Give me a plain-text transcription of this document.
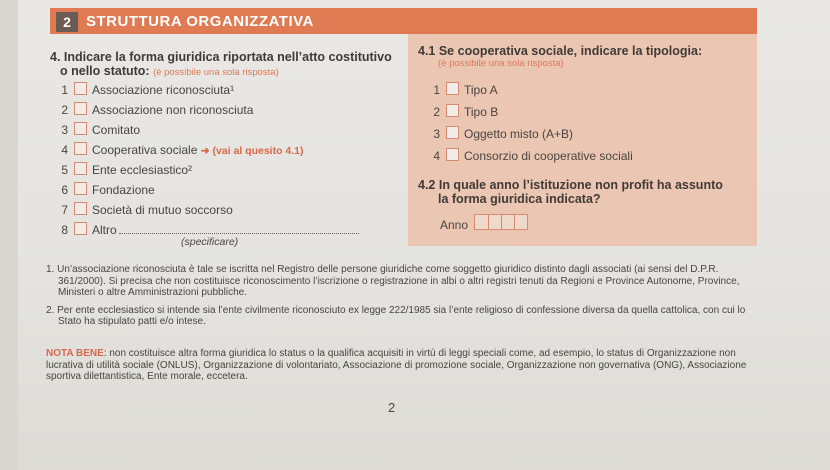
2	STRUTTURA ORGANIZZATIVA
4. Indicare la forma giuridica riportata nell’atto costitutivo
o nello statuto: (è possibile una sola risposta)
1 Associazione riconosciuta¹
2 Associazione non riconosciuta
3 Comitato
4 Cooperativa sociale ➜ (vai al quesito 4.1)
5 Ente ecclesiastico²
6 Fondazione
7 Società di mutuo soccorso
8 Altro
(specificare)
4.1 Se cooperativa sociale, indicare la tipologia:
(è possibile una sola risposta)
1 Tipo A
2 Tipo B
3 Oggetto misto (A+B)
4 Consorzio di cooperative sociali
4.2 In quale anno l’istituzione non profit ha assunto
la forma giuridica indicata?
Anno
1. Un’associazione riconosciuta è tale se iscritta nel Registro delle persone giuridiche come soggetto giuridico distinto dagli associati (ai sensi del D.P.R. 361/2000). Si precisa che non costituisce riconoscimento l’iscrizione o registrazione in albi o altri registri tenuti da Regioni e Province Autonome, Province, Ministeri o altre Amministrazioni pubbliche.
2. Per ente ecclesiastico si intende sia l’ente civilmente riconosciuto ex legge 222/1985 sia l’ente religioso di confessione diversa da quella cattolica, con cui lo Stato ha stipulato patti e/o intese.
NOTA BENE: non costituisce altra forma giuridica lo status o la qualifica acquisiti in virtù di leggi speciali come, ad esempio, lo status di Organizzazione non lucrativa di utilità sociale (ONLUS), Organizzazione di volontariato, Associazione di promozione sociale, Organizzazione non governativa (ONG), Associazione sportiva dilettantistica, Ente morale, eccetera.
2
